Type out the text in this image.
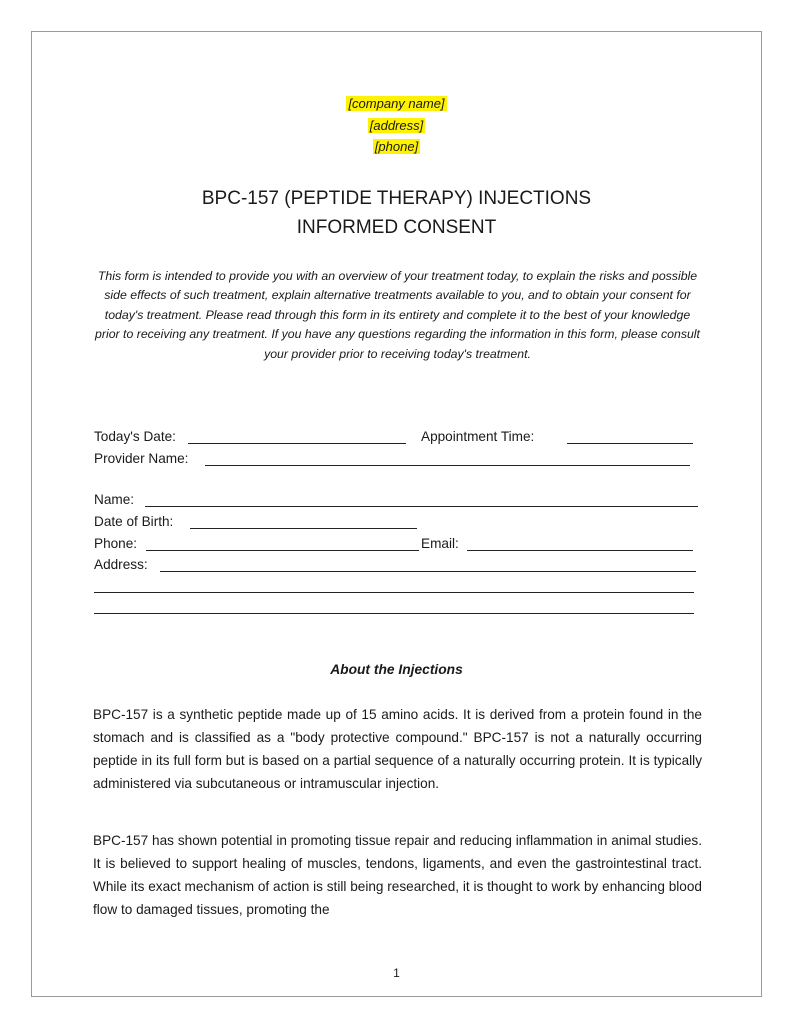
[company name]
[address]
[phone]
BPC-157 (PEPTIDE THERAPY) INJECTIONS
INFORMED CONSENT
This form is intended to provide you with an overview of your treatment today, to explain the risks and possible side effects of such treatment, explain alternative treatments available to you, and to obtain your consent for today's treatment. Please read through this form in its entirety and complete it to the best of your knowledge prior to receiving any treatment. If you have any questions regarding the information in this form, please consult your provider prior to receiving today's treatment.
Today's Date:	Appointment Time:
Provider Name:
Name:
Date of Birth:
Phone:	Email:
Address:
About the Injections
BPC-157 is a synthetic peptide made up of 15 amino acids. It is derived from a protein found in the stomach and is classified as a "body protective compound." BPC-157 is not a naturally occurring peptide in its full form but is based on a partial sequence of a naturally occurring protein. It is typically administered via subcutaneous or intramuscular injection.
BPC-157 has shown potential in promoting tissue repair and reducing inflammation in animal studies. It is believed to support healing of muscles, tendons, ligaments, and even the gastrointestinal tract. While its exact mechanism of action is still being researched, it is thought to work by enhancing blood flow to damaged tissues, promoting the
1
